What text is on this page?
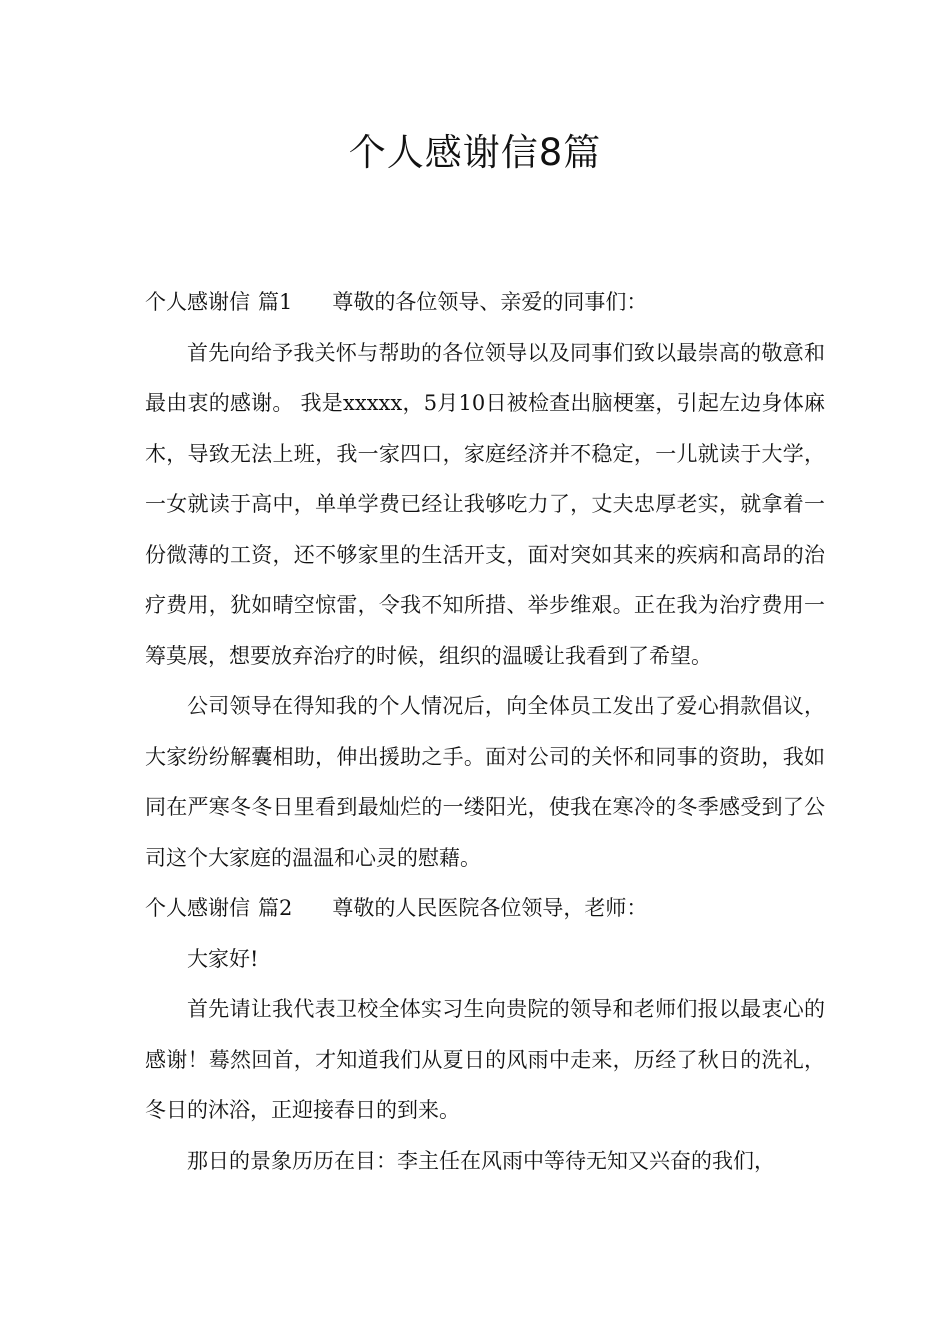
个人感谢信8篇
个人感谢信 篇1 尊敬的各位领导、亲爱的同事们：

首先向给予我关怀与帮助的各位领导以及同事们致以最崇高的敬意和最由衷的感谢。 我是xxxxx，5月10日被检查出脑梗塞，引起左边身体麻木，导致无法上班，我一家四口，家庭经济并不稳定，一儿就读于大学，一女就读于高中，单单学费已经让我够吃力了，丈夫忠厚老实，就拿着一份微薄的工资，还不够家里的生活开支，面对突如其来的疾病和高昂的治疗费用，犹如晴空惊雷，令我不知所措、举步维艰。正在我为治疗费用一筹莫展，想要放弃治疗的时候，组织的温暖让我看到了希望。

公司领导在得知我的个人情况后，向全体员工发出了爱心捐款倡议，大家纷纷解囊相助，伸出援助之手。面对公司的关怀和同事的资助，我如同在严寒冬冬日里看到最灿烂的一缕阳光，使我在寒冷的冬季感受到了公司这个大家庭的温温和心灵的慰藉。

个人感谢信 篇2 尊敬的人民医院各位领导，老师：

大家好!

首先请让我代表卫校全体实习生向贵院的领导和老师们报以最衷心的感谢！蓦然回首，才知道我们从夏日的风雨中走来，历经了秋日的洗礼，冬日的沐浴，正迎接春日的到来。

那日的景象历历在目：李主任在风雨中等待无知又兴奋的我们，
